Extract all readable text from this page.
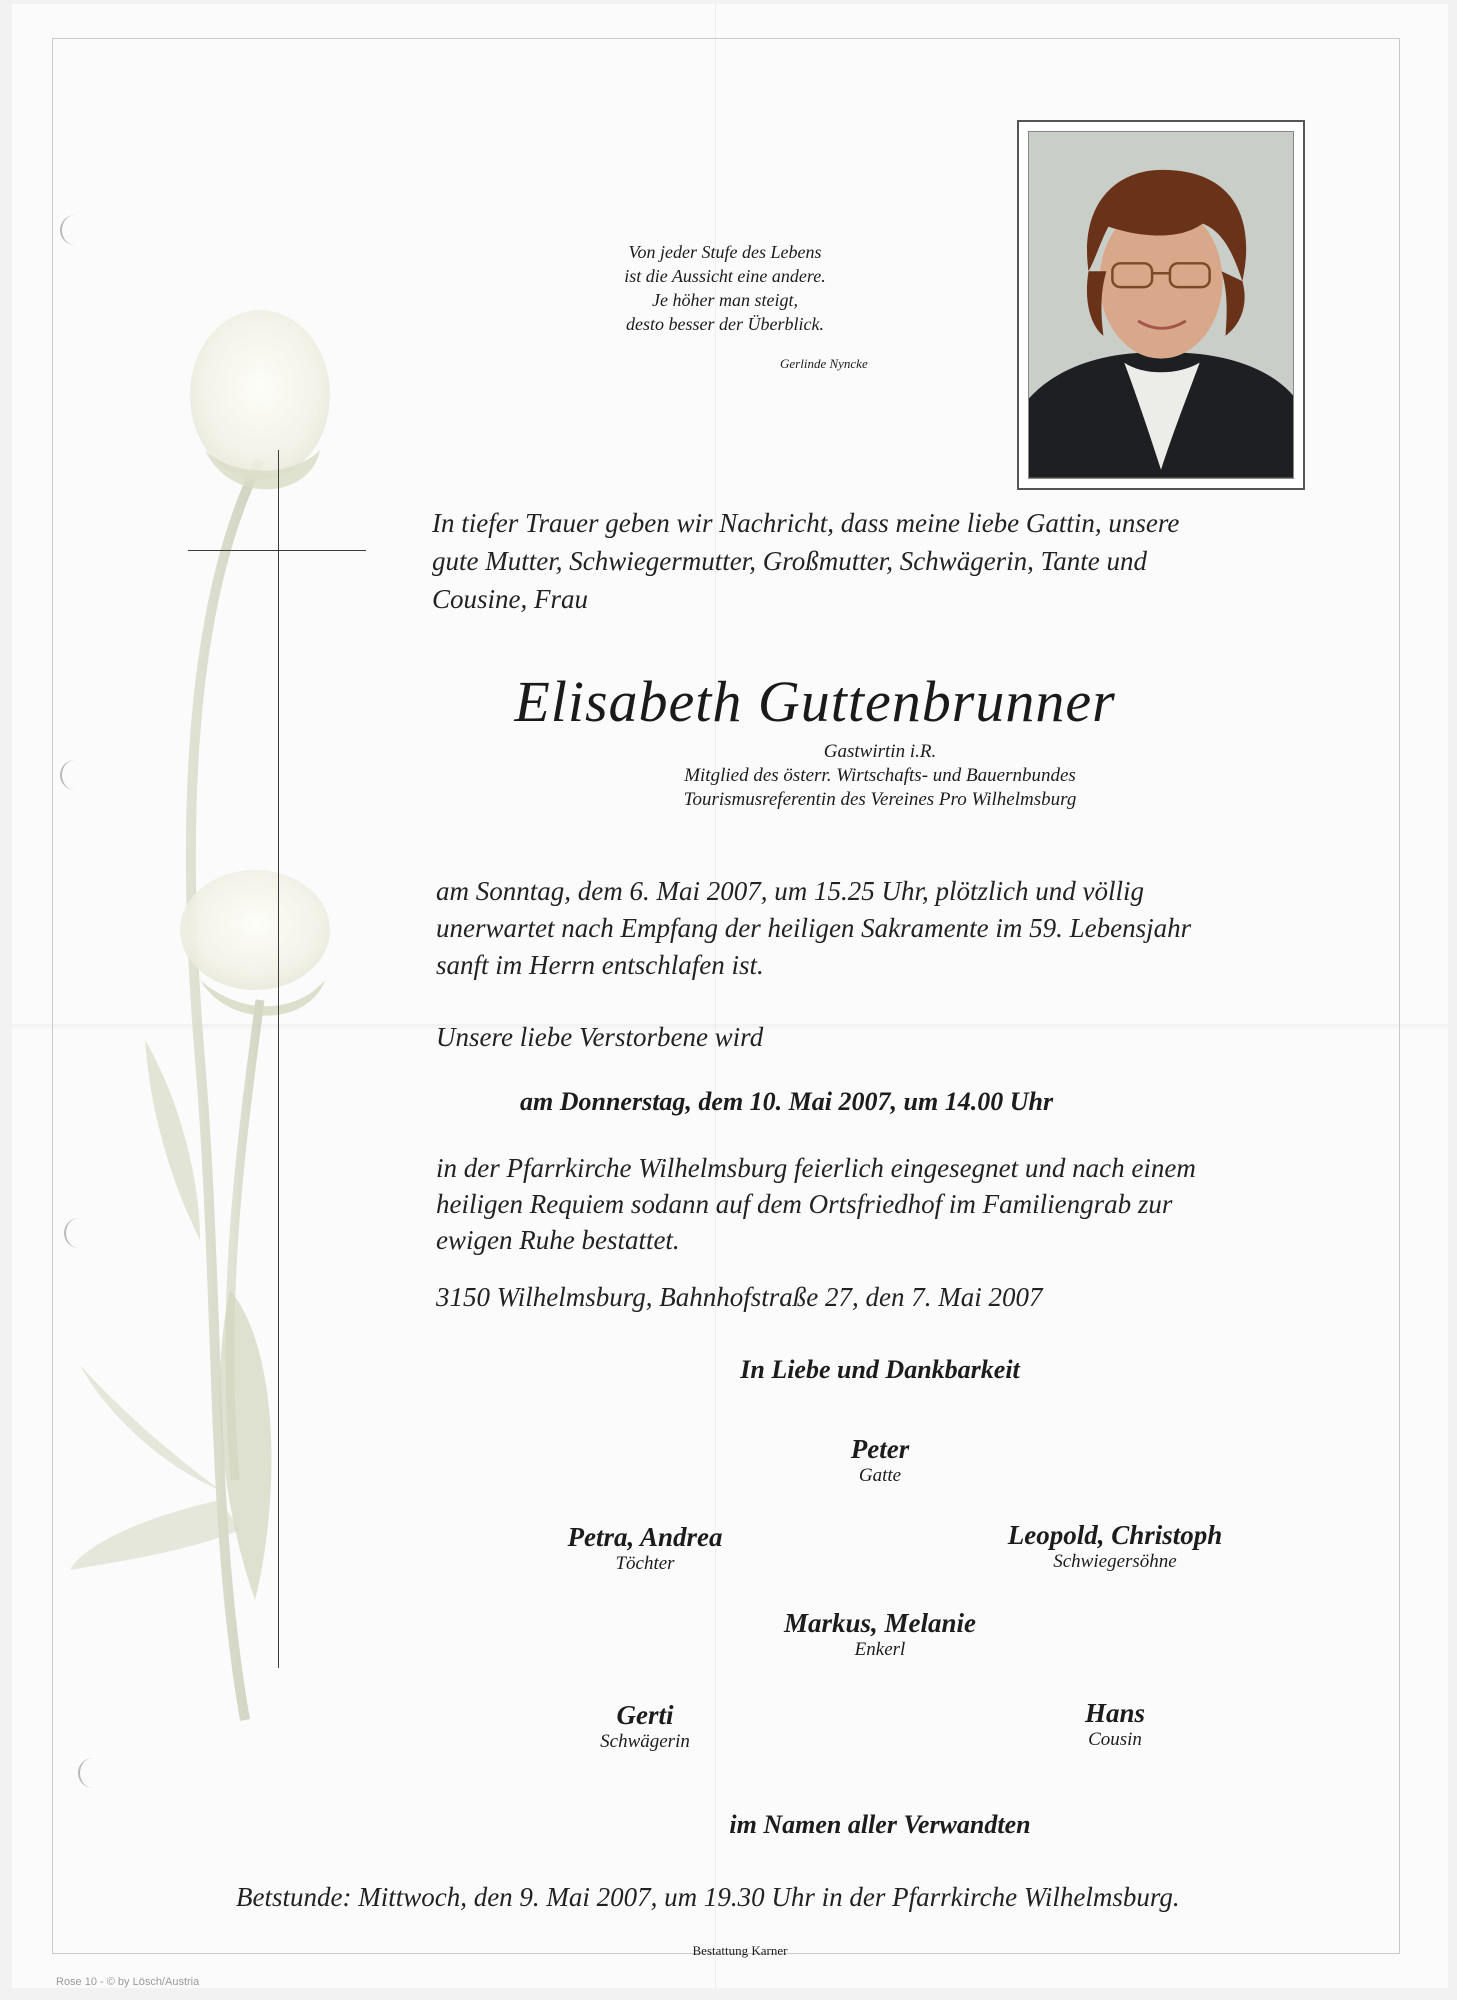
Von jeder Stufe des Lebens
ist die Aussicht eine andere.
Je höher man steigt,
desto besser der Überblick.
Gerlinde Nyncke
In tiefer Trauer geben wir Nachricht, dass meine liebe Gattin, unsere
gute Mutter, Schwiegermutter, Großmutter, Schwägerin, Tante und
Cousine, Frau
Elisabeth Guttenbrunner
Gastwirtin i.R.
Mitglied des österr. Wirtschafts- und Bauernbundes
Tourismusreferentin des Vereines Pro Wilhelmsburg
am Sonntag, dem 6. Mai 2007, um 15.25 Uhr, plötzlich und völlig
unerwartet nach Empfang der heiligen Sakramente im 59. Lebensjahr
sanft im Herrn entschlafen ist.
Unsere liebe Verstorbene wird
am Donnerstag, dem 10. Mai 2007, um 14.00 Uhr
in der Pfarrkirche Wilhelmsburg feierlich eingesegnet und nach einem
heiligen Requiem sodann auf dem Ortsfriedhof im Familiengrab zur
ewigen Ruhe bestattet.
3150 Wilhelmsburg, Bahnhofstraße 27, den 7. Mai 2007
In Liebe und Dankbarkeit
Peter
Gatte
Petra, Andrea
Töchter
Leopold, Christoph
Schwiegersöhne
Markus, Melanie
Enkerl
Gerti
Schwägerin
Hans
Cousin
im Namen aller Verwandten
Betstunde: Mittwoch, den 9. Mai 2007, um 19.30 Uhr in der Pfarrkirche Wilhelmsburg.
Bestattung Karner
Rose 10 - © by Lösch/Austria
